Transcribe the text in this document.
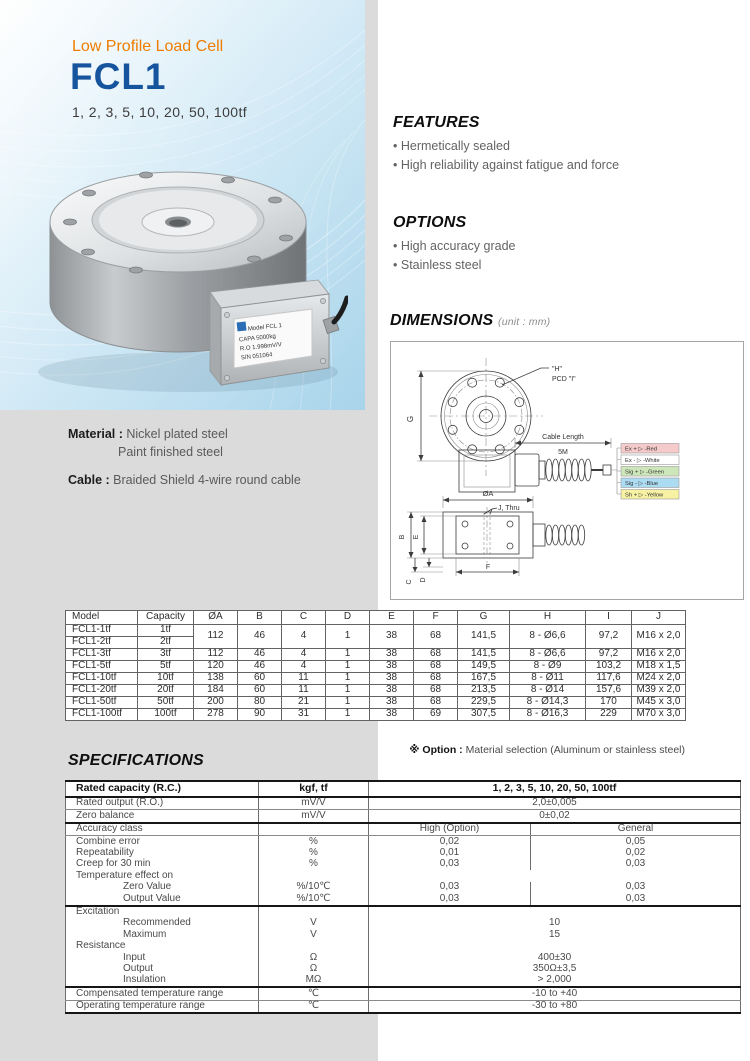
Low Profile Load Cell
FCL1
1, 2, 3, 5, 10, 20, 50, 100tf
Model FCL 1
CAPA 5000kg
R.O 1.998mV/V
S/N 051064
Material : Nickel plated steel
Paint finished steel
Cable : Braided Shield 4-wire round cable
FEATURES
• Hermetically sealed
• High reliability against fatigue and force
OPTIONS
• High accuracy grade
• Stainless steel
DIMENSIONS (unit : mm)
G
"H"
PCD "I"
Cable Length
5M	Ex + ▷ -Red
Ex - ▷ -White
Sig + ▷ -Green
Sig - ▷ -Blue
Sh + ▷ -Yellow
ØA
J, Thru
B E
C D
F
Model	Capacity	ØA	B	C	D	E	F	G	H	I	J
FCL1-1tf	1tf	112	46	4	1	38	68	141,5	8 - Ø6,6	97,2	M16 x 2,0
FCL1-2tf	2tf										
FCL1-3tf	3tf	112	46	4	1	38	68	141,5	8 - Ø6,6	97,2	M16 x 2,0
FCL1-5tf	5tf	120	46	4	1	38	68	149,5	8 - Ø9	103,2	M18 x 1,5
FCL1-10tf	10tf	138	60	11	1	38	68	167,5	8 - Ø11	117,6	M24 x 2,0
FCL1-20tf	20tf	184	60	11	1	38	68	213,5	8 - Ø14	157,6	M39 x 2,0
FCL1-50tf	50tf	200	80	21	1	38	68	229,5	8 - Ø14,3	170	M45 x 3,0
FCL1-100tf	100tf	278	90	31	1	38	69	307,5	8 - Ø16,3	229	M70 x 3,0
※ Option : Material selection (Aluminum or stainless steel)
SPECIFICATIONS
Rated capacity (R.C.)	kgf, tf	1, 2, 3, 5, 10, 20, 50, 100tf	
Rated output (R.O.)	mV/V	2,0±0,005	
Zero balance	mV/V	0±0,02	
Accuracy class		High (Option)	General
Combine error	%	0,02	0,05
Repeatability	%	0,01	0,02
Creep for 30 min	%	0,03	0,03
Temperature effect on			
Zero Value	%/10℃	0,03	0,03
Output Value	%/10℃	0,03	0,03
Excitation			
Recommended	V	10	
Maximum	V	15	
Resistance			
Input	Ω	400±30	
Output	Ω	350Ω±3,5	
Insulation	MΩ	> 2,000	
Compensated temperature range	℃	-10 to +40	
Operating temperature range	℃	-30 to +80	
